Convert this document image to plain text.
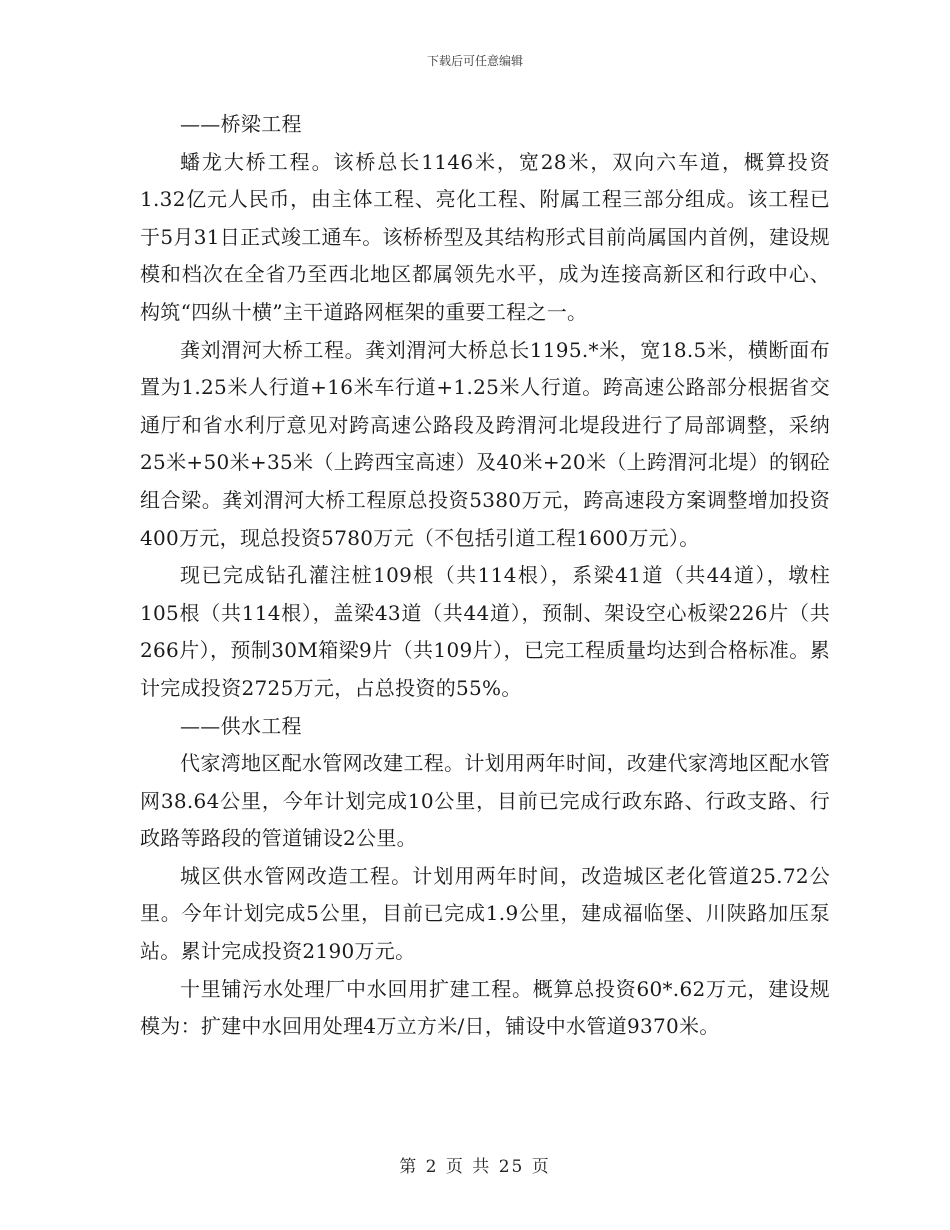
下载后可任意编辑

——桥梁工程

蟠龙大桥工程。该桥总长1146米，宽28米，双向六车道，概算投资1.32亿元人民币，由主体工程、亮化工程、附属工程三部分组成。该工程已于5月31日正式竣工通车。该桥桥型及其结构形式目前尚属国内首例，建设规模和档次在全省乃至西北地区都属领先水平，成为连接高新区和行政中心、构筑“四纵十横”主干道路网框架的重要工程之一。

龚刘渭河大桥工程。龚刘渭河大桥总长1195.*米，宽18.5米，横断面布置为1.25米人行道+16米车行道+1.25米人行道。跨高速公路部分根据省交通厅和省水利厅意见对跨高速公路段及跨渭河北堤段进行了局部调整，采纳25米+50米+35米（上跨西宝高速）及40米+20米（上跨渭河北堤）的钢砼组合梁。龚刘渭河大桥工程原总投资5380万元，跨高速段方案调整增加投资400万元，现总投资5780万元（不包括引道工程1600万元）。

现已完成钻孔灌注桩109根（共114根），系梁41道（共44道），墩柱105根（共114根），盖梁43道（共44道），预制、架设空心板梁226片（共266片），预制30M箱梁9片（共109片），已完工程质量均达到合格标准。累计完成投资2725万元，占总投资的55%。

——供水工程

代家湾地区配水管网改建工程。计划用两年时间，改建代家湾地区配水管网38.64公里，今年计划完成10公里，目前已完成行政东路、行政支路、行政路等路段的管道铺设2公里。

城区供水管网改造工程。计划用两年时间，改造城区老化管道25.72公里。今年计划完成5公里，目前已完成1.9公里，建成福临堡、川陕路加压泵站。累计完成投资2190万元。

十里铺污水处理厂中水回用扩建工程。概算总投资60*.62万元，建设规模为：扩建中水回用处理4万立方米/日，铺设中水管道9370米。

第 2 页 共 25 页
